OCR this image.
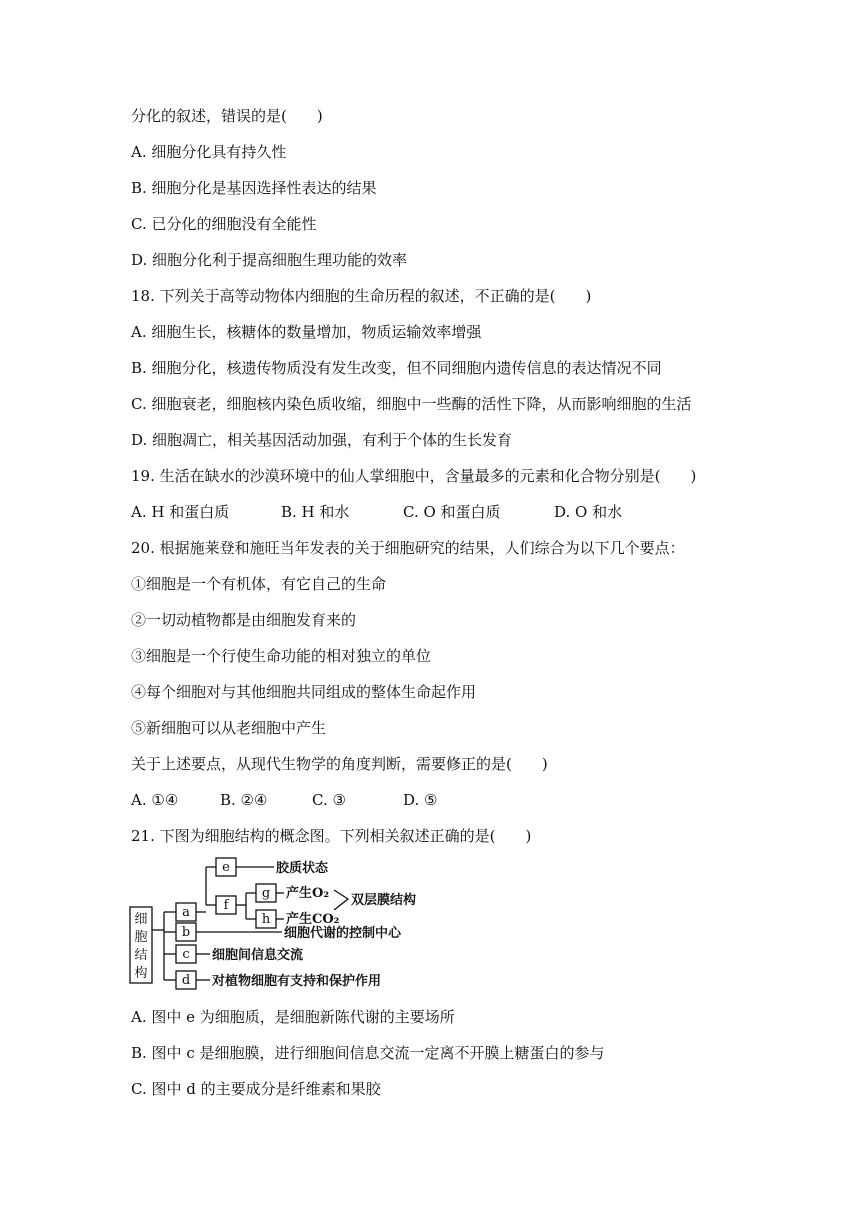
分化的叙述，错误的是(　　)
A. 细胞分化具有持久性
B. 细胞分化是基因选择性表达的结果
C. 已分化的细胞没有全能性
D. 细胞分化利于提高细胞生理功能的效率
18. 下列关于高等动物体内细胞的生命历程的叙述，不正确的是(　　)
A. 细胞生长，核糖体的数量增加，物质运输效率增强
B. 细胞分化，核遗传物质没有发生改变，但不同细胞内遗传信息的表达情况不同
C. 细胞衰老，细胞核内染色质收缩，细胞中一些酶的活性下降，从而影响细胞的生活
D. 细胞凋亡，相关基因活动加强，有利于个体的生长发育
19. 生活在缺水的沙漠环境中的仙人掌细胞中，含量最多的元素和化合物分别是(　　)
A. H 和蛋白质	B. H 和水	C. O 和蛋白质	D. O 和水
20. 根据施莱登和施旺当年发表的关于细胞研究的结果，人们综合为以下几个要点：
①细胞是一个有机体，有它自己的生命
②一切动植物都是由细胞发育来的
③细胞是一个行使生命功能的相对独立的单位
④每个细胞对与其他细胞共同组成的整体生命起作用
⑤新细胞可以从老细胞中产生
关于上述要点，从现代生物学的角度判断，需要修正的是(　　)
A. ①④	B. ②④	C. ③	D. ⑤
21. 下图为细胞结构的概念图。下列相关叙述正确的是(　　)
细
胞
结
构
a
b
c
d
e
f
g
h
胶质状态
产生O₂
产生CO₂
双层膜结构
细胞代谢的控制中心
细胞间信息交流
对植物细胞有支持和保护作用
A. 图中 e 为细胞质，是细胞新陈代谢的主要场所
B. 图中 c 是细胞膜，进行细胞间信息交流一定离不开膜上糖蛋白的参与
C. 图中 d 的主要成分是纤维素和果胶
